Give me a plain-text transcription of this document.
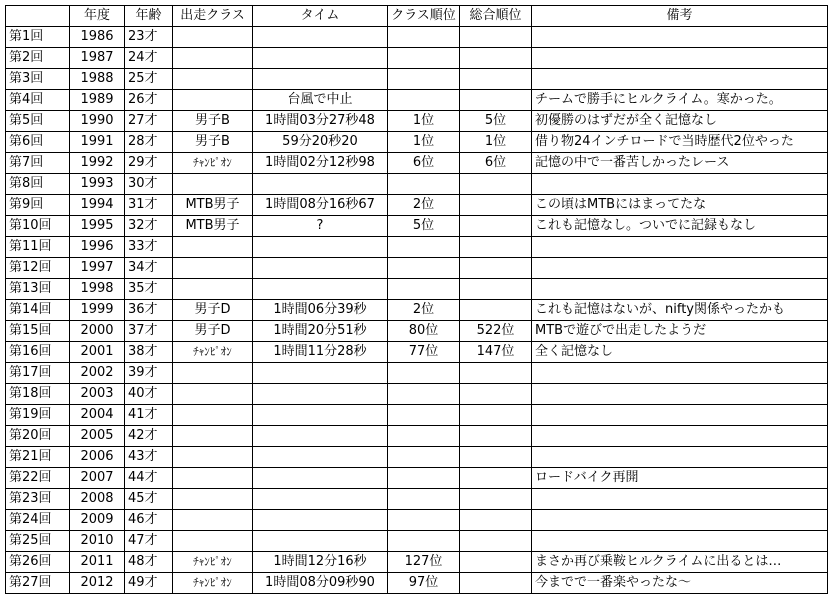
	年度	年齢	出走クラス	タイム	クラス順位	総合順位	備考
第1回	1986	23才					
第2回	1987	24才					
第3回	1988	25才					
第4回	1989	26才		台風で中止			チームで勝手にヒルクライム。寒かった。
第5回	1990	27才	男子B	1時間03分27秒48	1位	5位	初優勝のはずだが全く記憶なし
第6回	1991	28才	男子B	59分20秒20	1位	1位	借り物24インチロードで当時歴代2位やった
第7回	1992	29才	ﾁｬﾝﾋﾟｵﾝ	1時間02分12秒98	6位	6位	記憶の中で一番苦しかったレース
第8回	1993	30才					
第9回	1994	31才	MTB男子	1時間08分16秒67	2位		この頃はMTBにはまってたな
第10回	1995	32才	MTB男子	?	5位		これも記憶なし。ついでに記録もなし
第11回	1996	33才					
第12回	1997	34才					
第13回	1998	35才					
第14回	1999	36才	男子D	1時間06分39秒	2位		これも記憶はないが、nifty関係やったかも
第15回	2000	37才	男子D	1時間20分51秒	80位	522位	MTBで遊びで出走したようだ
第16回	2001	38才	ﾁｬﾝﾋﾟｵﾝ	1時間11分28秒	77位	147位	全く記憶なし
第17回	2002	39才					
第18回	2003	40才					
第19回	2004	41才					
第20回	2005	42才					
第21回	2006	43才					
第22回	2007	44才					ロードバイク再開
第23回	2008	45才					
第24回	2009	46才					
第25回	2010	47才					
第26回	2011	48才	ﾁｬﾝﾋﾟｵﾝ	1時間12分16秒	127位		まさか再び乗鞍ヒルクライムに出るとは…
第27回	2012	49才	ﾁｬﾝﾋﾟｵﾝ	1時間08分09秒90	97位		今までで一番楽やったな～
